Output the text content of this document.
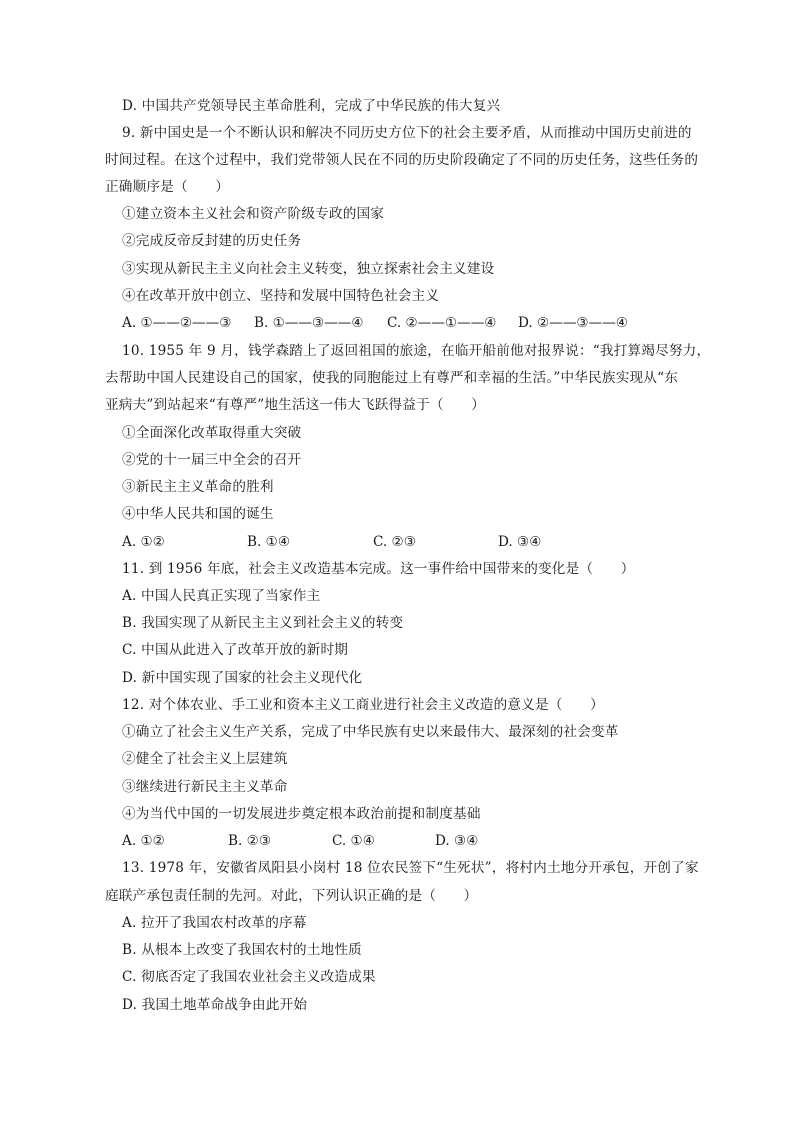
D. 中国共产党领导民主革命胜利，完成了中华民族的伟大复兴
9. 新中国史是一个不断认识和解决不同历史方位下的社会主要矛盾，从而推动中国历史前进的
时间过程。在这个过程中，我们党带领人民在不同的历史阶段确定了不同的历史任务，这些任务的
正确顺序是（　　）
①建立资本主义社会和资产阶级专政的国家
②完成反帝反封建的历史任务
③实现从新民主主义向社会主义转变，独立探索社会主义建设
④在改革开放中创立、坚持和发展中国特色社会主义
A. ①——②——③ B. ①——③——④ C. ②——①——④ D. ②——③——④
10. 1955 年 9 月，钱学森踏上了返回祖国的旅途，在临开船前他对报界说：“我打算竭尽努力，
去帮助中国人民建设自己的国家，使我的同胞能过上有尊严和幸福的生活。”中华民族实现从“东
亚病夫”到站起来“有尊严”地生活这一伟大飞跃得益于（　　）
①全面深化改革取得重大突破
②党的十一届三中全会的召开
③新民主主义革命的胜利
④中华人民共和国的诞生
A. ①②	B. ①④	C. ②③	D. ③④
11. 到 1956 年底，社会主义改造基本完成。这一事件给中国带来的变化是（　　）
A. 中国人民真正实现了当家作主
B. 我国实现了从新民主主义到社会主义的转变
C. 中国从此进入了改革开放的新时期
D. 新中国实现了国家的社会主义现代化
12. 对个体农业、手工业和资本主义工商业进行社会主义改造的意义是（　　）
①确立了社会主义生产关系，完成了中华民族有史以来最伟大、最深刻的社会变革
②健全了社会主义上层建筑
③继续进行新民主主义革命
④为当代中国的一切发展进步奠定根本政治前提和制度基础
A. ①②	B. ②③	C. ①④	D. ③④
13. 1978 年，安徽省凤阳县小岗村 18 位农民签下“生死状”，将村内土地分开承包，开创了家
庭联产承包责任制的先河。对此，下列认识正确的是（　　）
A. 拉开了我国农村改革的序幕
B. 从根本上改变了我国农村的土地性质
C. 彻底否定了我国农业社会主义改造成果
D. 我国土地革命战争由此开始
